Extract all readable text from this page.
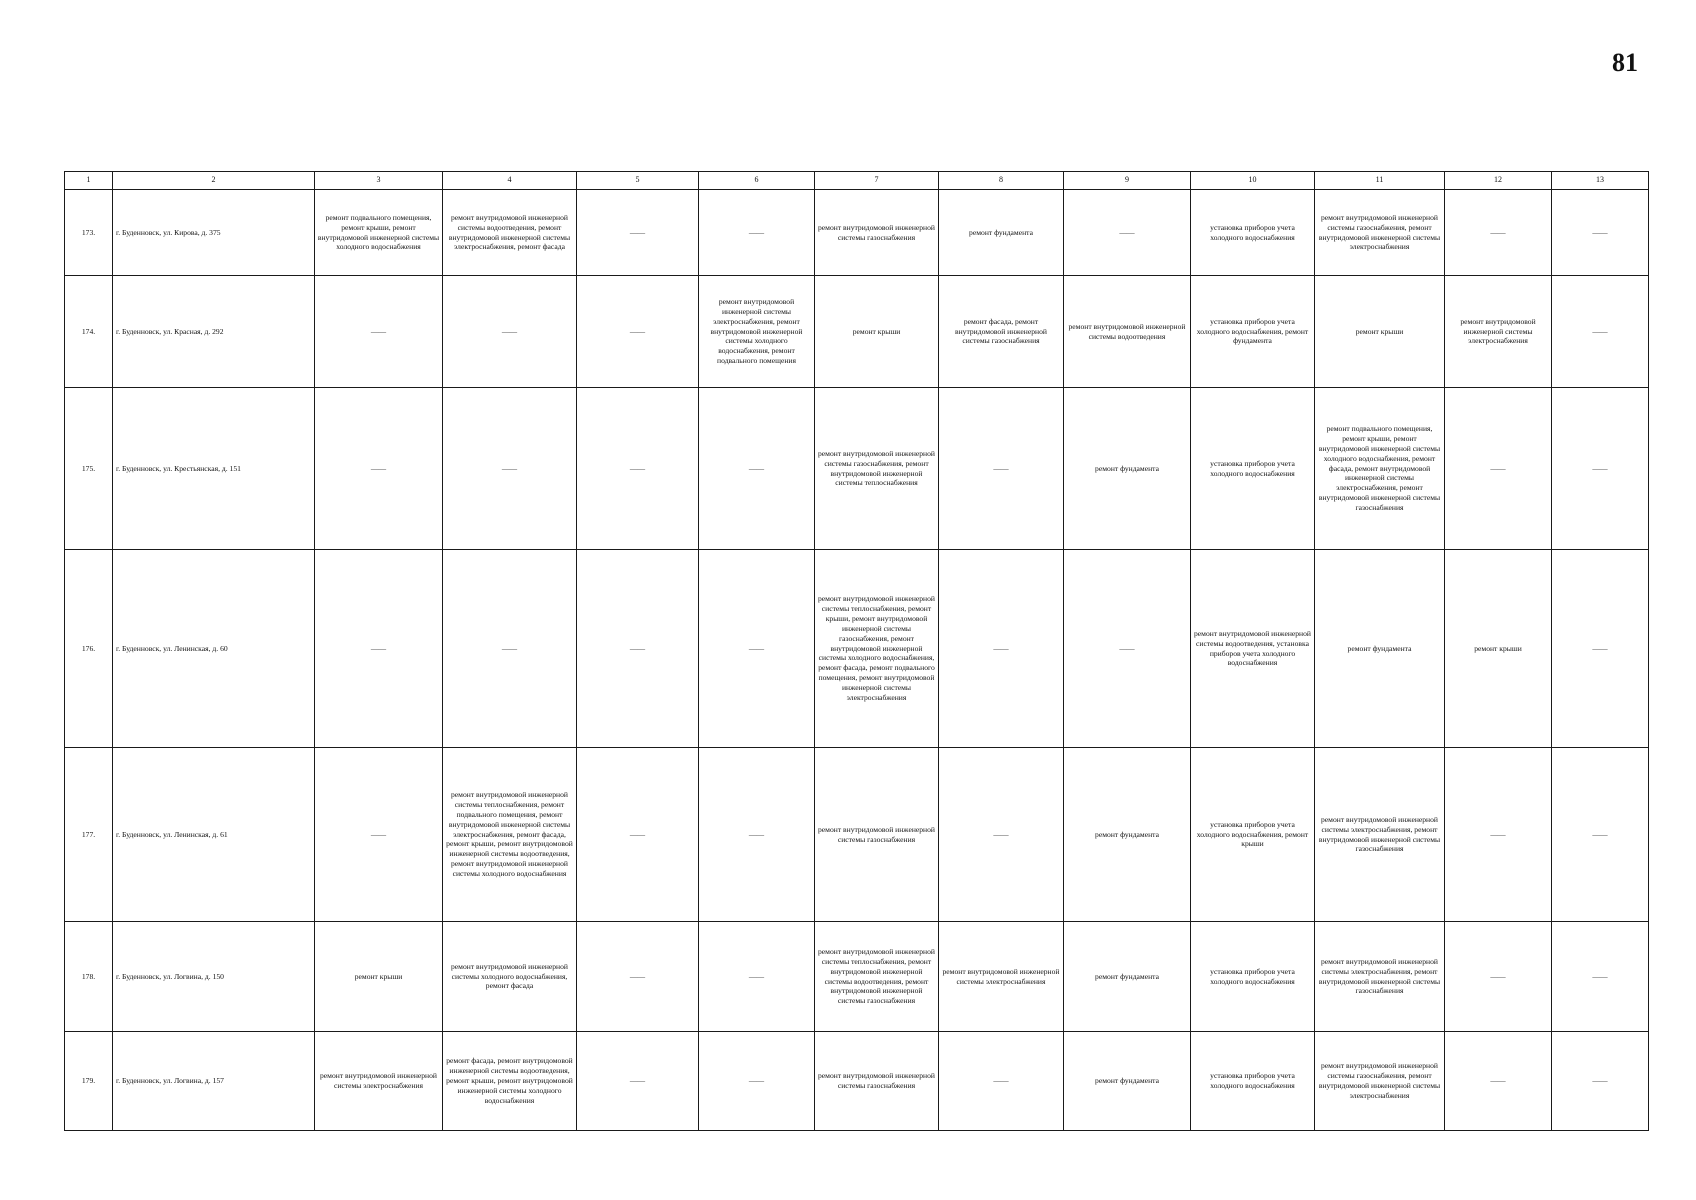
81
1	2	3	4	5	6	7	8	9	10	11	12	13
173.	г. Буденновск, ул. Кирова, д. 375	ремонт подвального помещения, ремонт крыши, ремонт внутридомовой инженерной системы холодного водоснабжения	ремонт внутридомовой инженерной системы водоотведения, ремонт внутридомовой инженерной системы электроснабжения, ремонт фасада	——	——	ремонт внутридомовой инженерной системы газоснабжения	ремонт фундамента	——	установка приборов учета холодного водоснабжения	ремонт внутридомовой инженерной системы газоснабжения, ремонт внутридомовой инженерной системы электроснабжения	——	——
174.	г. Буденновск, ул. Красная, д. 292	——	——	——	ремонт внутридомовой инженерной системы электроснабжения, ремонт внутридомовой инженерной системы холодного водоснабжения, ремонт подвального помещения	ремонт крыши	ремонт фасада, ремонт внутридомовой инженерной системы газоснабжения	ремонт внутридомовой инженерной системы водоотведения	установка приборов учета холодного водоснабжения, ремонт фундамента	ремонт крыши	ремонт внутридомовой инженерной системы электроснабжения	——
175.	г. Буденновск, ул. Крестьянская, д. 151	——	——	——	——	ремонт внутридомовой инженерной системы газоснабжения, ремонт внутридомовой инженерной системы теплоснабжения	——	ремонт фундамента	установка приборов учета холодного водоснабжения	ремонт подвального помещения, ремонт крыши, ремонт внутридомовой инженерной системы холодного водоснабжения, ремонт фасада, ремонт внутридомовой инженерной системы электроснабжения, ремонт внутридомовой инженерной системы газоснабжения	——	——
176.	г. Буденновск, ул. Ленинская, д. 60	——	——	——	——	ремонт внутридомовой инженерной системы теплоснабжения, ремонт крыши, ремонт внутридомовой инженерной системы газоснабжения, ремонт внутридомовой инженерной системы холодного водоснабжения, ремонт фасада, ремонт подвального помещения, ремонт внутридомовой инженерной системы электроснабжения	——	——	ремонт внутридомовой инженерной системы водоотведения, установка приборов учета холодного водоснабжения	ремонт фундамента	ремонт крыши	——
177.	г. Буденновск, ул. Ленинская, д. 61	——	ремонт внутридомовой инженерной системы теплоснабжения, ремонт подвального помещения, ремонт внутридомовой инженерной системы электроснабжения, ремонт фасада, ремонт крыши, ремонт внутридомовой инженерной системы водоотведения, ремонт внутридомовой инженерной системы холодного водоснабжения	——	——	ремонт внутридомовой инженерной системы газоснабжения	——	ремонт фундамента	установка приборов учета холодного водоснабжения, ремонт крыши	ремонт внутридомовой инженерной системы электроснабжения, ремонт внутридомовой инженерной системы газоснабжения	——	——
178.	г. Буденновск, ул. Логвина, д. 150	ремонт крыши	ремонт внутридомовой инженерной системы холодного водоснабжения, ремонт фасада	——	——	ремонт внутридомовой инженерной системы теплоснабжения, ремонт внутридомовой инженерной системы водоотведения, ремонт внутридомовой инженерной системы газоснабжения	ремонт внутридомовой инженерной системы электроснабжения	ремонт фундамента	установка приборов учета холодного водоснабжения	ремонт внутридомовой инженерной системы электроснабжения, ремонт внутридомовой инженерной системы газоснабжения	——	——
179.	г. Буденновск, ул. Логвина, д. 157	ремонт внутридомовой инженерной системы электроснабжения	ремонт фасада, ремонт внутридомовой инженерной системы водоотведения, ремонт крыши, ремонт внутридомовой инженерной системы холодного водоснабжения	——	——	ремонт внутридомовой инженерной системы газоснабжения	——	ремонт фундамента	установка приборов учета холодного водоснабжения	ремонт внутридомовой инженерной системы газоснабжения, ремонт внутридомовой инженерной системы электроснабжения	——	——
